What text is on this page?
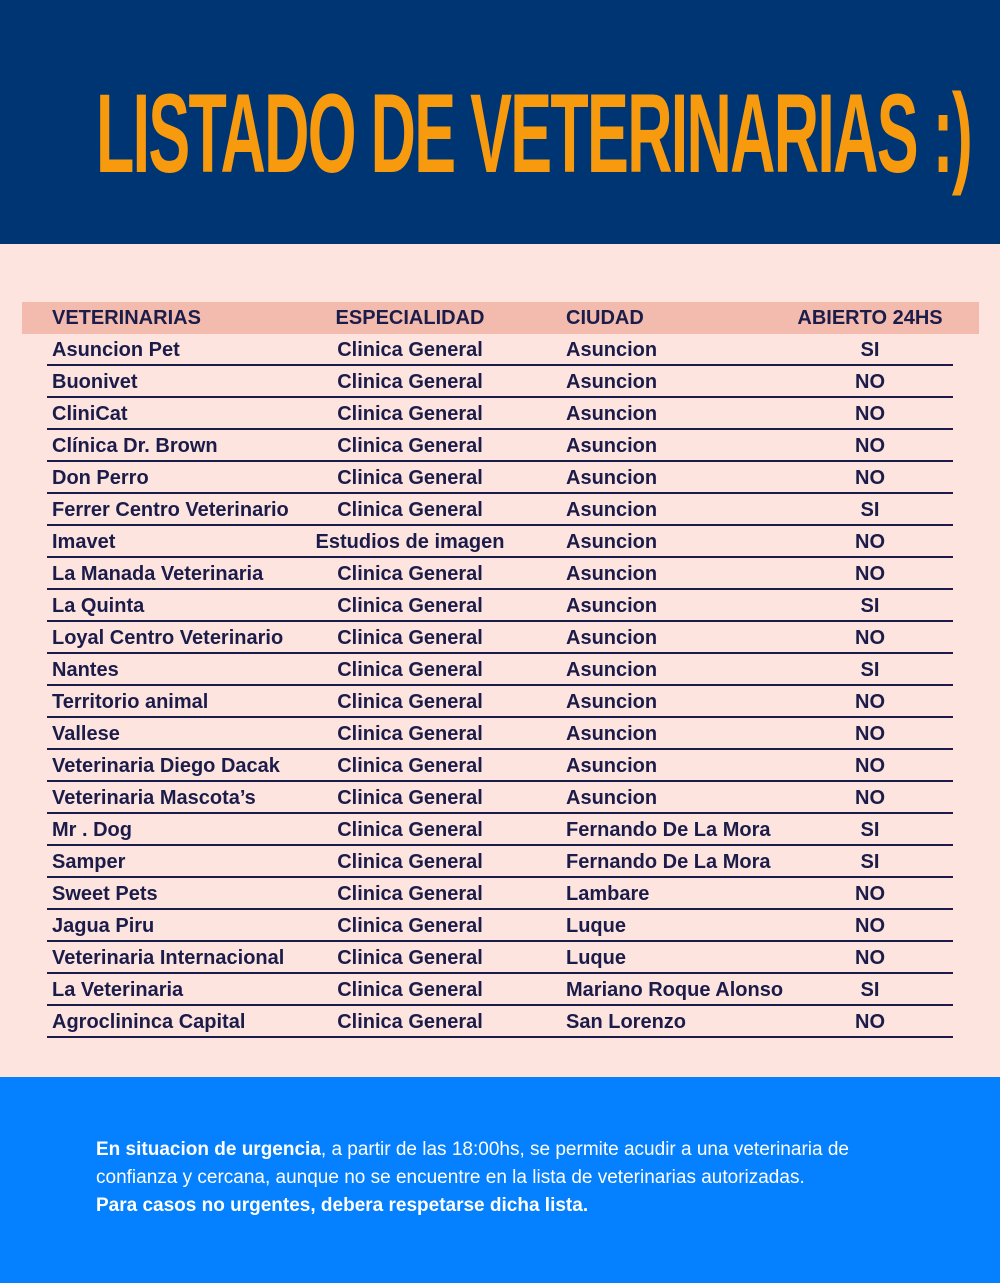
LISTADO DE VETERINARIAS :)
VETERINARIAS	ESPECIALIDAD	CIUDAD	ABIERTO 24HS
Asuncion Pet	Clinica General	Asuncion	SI
Buonivet	Clinica General	Asuncion	NO
CliniCat	Clinica General	Asuncion	NO
Clínica Dr. Brown	Clinica General	Asuncion	NO
Don Perro	Clinica General	Asuncion	NO
Ferrer Centro Veterinario	Clinica General	Asuncion	SI
Imavet	Estudios de imagen	Asuncion	NO
La Manada Veterinaria	Clinica General	Asuncion	NO
La Quinta	Clinica General	Asuncion	SI
Loyal Centro Veterinario	Clinica General	Asuncion	NO
Nantes	Clinica General	Asuncion	SI
Territorio animal	Clinica General	Asuncion	NO
Vallese	Clinica General	Asuncion	NO
Veterinaria Diego Dacak	Clinica General	Asuncion	NO
Veterinaria Mascota’s	Clinica General	Asuncion	NO
Mr . Dog	Clinica General	Fernando De La Mora	SI
Samper	Clinica General	Fernando De La Mora	SI
Sweet Pets	Clinica General	Lambare	NO
Jagua Piru	Clinica General	Luque	NO
Veterinaria Internacional	Clinica General	Luque	NO
La Veterinaria	Clinica General	Mariano Roque Alonso	SI
Agroclininca Capital	Clinica General	San Lorenzo	NO

En situacion de urgencia, a partir de las 18:00hs, se permite acudir a una veterinaria de confianza y cercana, aunque no se encuentre en la lista de veterinarias autorizadas.
Para casos no urgentes, debera respetarse dicha lista.
